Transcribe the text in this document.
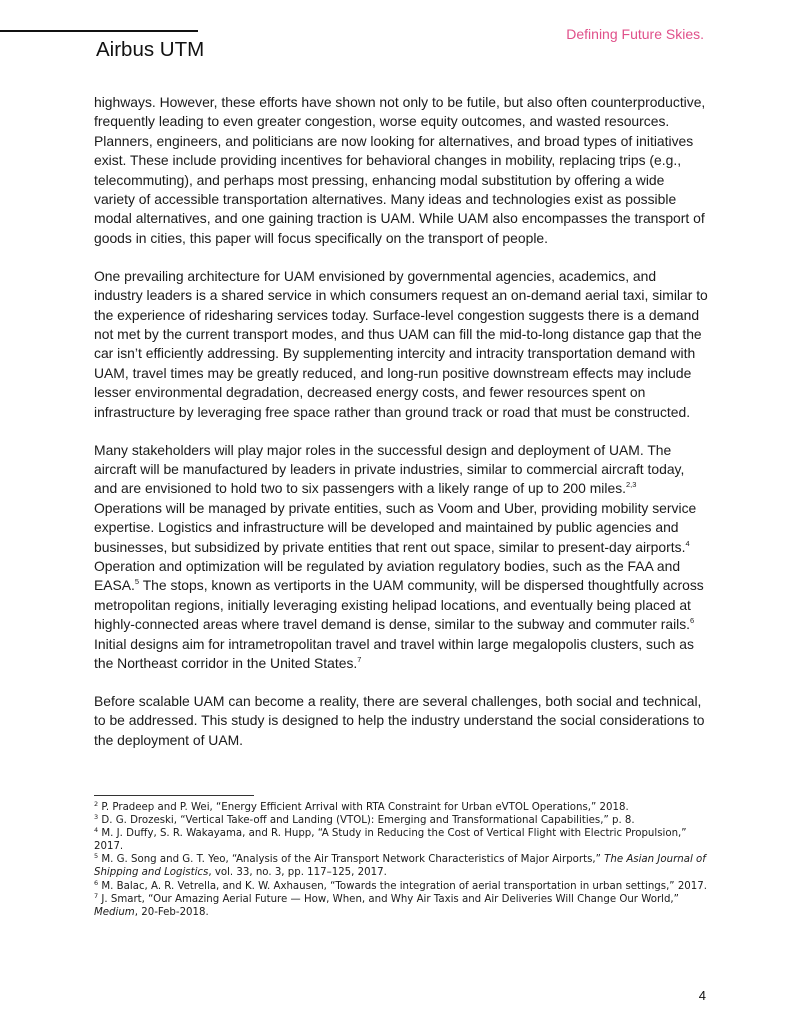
Airbus UTM
Defining Future Skies.

highways. However, these efforts have shown not only to be futile, but also often counterproductive, frequently leading to even greater congestion, worse equity outcomes, and wasted resources. Planners, engineers, and politicians are now looking for alternatives, and broad types of initiatives exist. These include providing incentives for behavioral changes in mobility, replacing trips (e.g., telecommuting), and perhaps most pressing, enhancing modal substitution by offering a wide variety of accessible transportation alternatives. Many ideas and technologies exist as possible modal alternatives, and one gaining traction is UAM. While UAM also encompasses the transport of goods in cities, this paper will focus specifically on the transport of people.

One prevailing architecture for UAM envisioned by governmental agencies, academics, and industry leaders is a shared service in which consumers request an on-demand aerial taxi, similar to the experience of ridesharing services today. Surface-level congestion suggests there is a demand not met by the current transport modes, and thus UAM can fill the mid-to-long distance gap that the car isn’t efficiently addressing. By supplementing intercity and intracity transportation demand with UAM, travel times may be greatly reduced, and long-run positive downstream effects may include lesser environmental degradation, decreased energy costs, and fewer resources spent on infrastructure by leveraging free space rather than ground track or road that must be constructed.

Many stakeholders will play major roles in the successful design and deployment of UAM. The aircraft will be manufactured by leaders in private industries, similar to commercial aircraft today, and are envisioned to hold two to six passengers with a likely range of up to 200 miles.$^{2,3}$ Operations will be managed by private entities, such as Voom and Uber, providing mobility service expertise. Logistics and infrastructure will be developed and maintained by public agencies and businesses, but subsidized by private entities that rent out space, similar to present-day airports.$^4$ Operation and optimization will be regulated by aviation regulatory bodies, such as the FAA and EASA.$^5$ The stops, known as vertiports in the UAM community, will be dispersed thoughtfully across metropolitan regions, initially leveraging existing helipad locations, and eventually being placed at highly-connected areas where travel demand is dense, similar to the subway and commuter rails.$^6$ Initial designs aim for intrametropolitan travel and travel within large megalopolis clusters, such as the Northeast corridor in the United States.$^7$

Before scalable UAM can become a reality, there are several challenges, both social and technical, to be addressed. This study is designed to help the industry understand the social considerations to the deployment of UAM.

$^2$ P. Pradeep and P. Wei, “Energy Efficient Arrival with RTA Constraint for Urban eVTOL Operations,” 2018.
$^3$ D. G. Drozeski, “Vertical Take-off and Landing (VTOL): Emerging and Transformational Capabilities,” p. 8.
$^4$ M. J. Duffy, S. R. Wakayama, and R. Hupp, “A Study in Reducing the Cost of Vertical Flight with Electric Propulsion,” 2017.
$^5$ M. G. Song and G. T. Yeo, “Analysis of the Air Transport Network Characteristics of Major Airports,” The Asian Journal of Shipping and Logistics, vol. 33, no. 3, pp. 117–125, 2017.
$^6$ M. Balac, A. R. Vetrella, and K. W. Axhausen, “Towards the integration of aerial transportation in urban settings,” 2017.
$^7$ J. Smart, “Our Amazing Aerial Future — How, When, and Why Air Taxis and Air Deliveries Will Change Our World,” Medium, 20-Feb-2018.
4
